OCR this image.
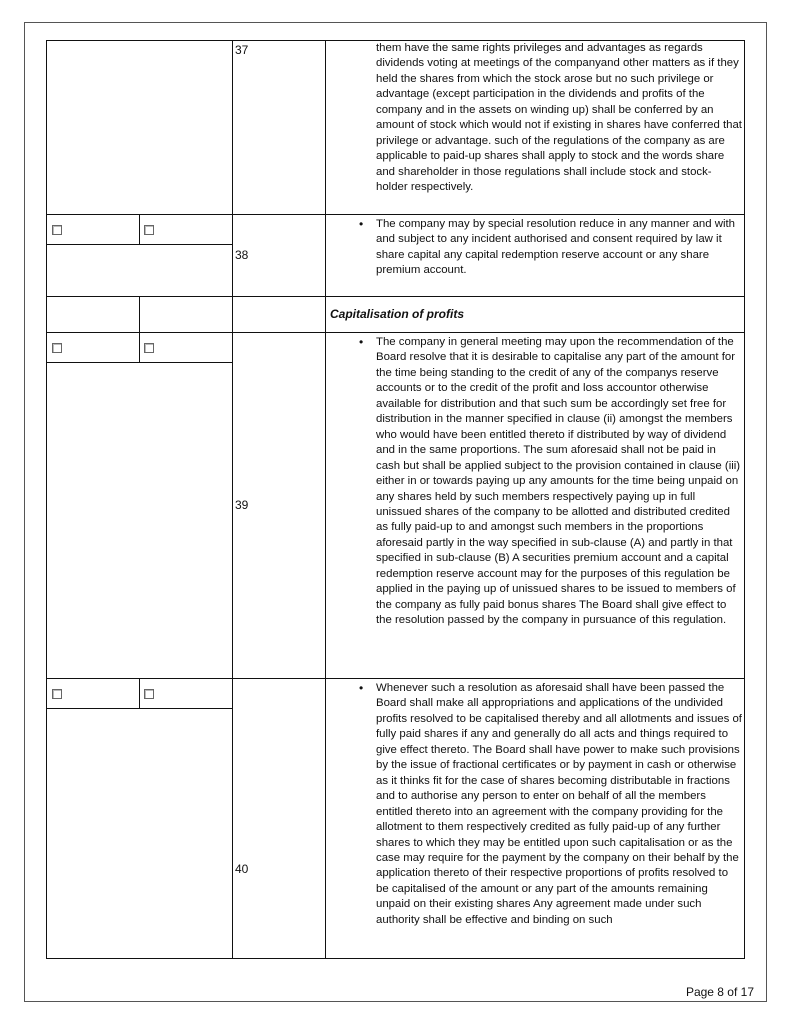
37	them have the same rights privileges and advantages as regards dividends voting at meetings of the companyand other matters as if they held the shares from which the stock arose but no such privilege or advantage (except participation in the dividends and profits of the company and in the assets on winding up) shall be conferred by an amount of stock which would not if existing in shares have conferred that privilege or advantage. such of the regulations of the company as are applicable to paid-up shares shall apply to stock and the words share and shareholder in those regulations shall include stock and stock-holder respectively.
38
• The company may by special resolution reduce in any manner and with and subject to any incident authorised and consent required by law it share capital any capital redemption reserve account or any share premium account.
Capitalisation of profits
39
• The company in general meeting may upon the recommendation of the Board resolve that it is desirable to capitalise any part of the amount for the time being standing to the credit of any of the companys reserve accounts or to the credit of the profit and loss accountor otherwise available for distribution and that such sum be accordingly set free for distribution in the manner specified in clause (ii) amongst the members who would have been entitled thereto if distributed by way of dividend and in the same proportions. The sum aforesaid shall not be paid in cash but shall be applied subject to the provision contained in clause (iii) either in or towards paying up any amounts for the time being unpaid on any shares held by such members respectively paying up in full unissued shares of the company to be allotted and distributed credited as fully paid-up to and amongst such members in the proportions aforesaid partly in the way specified in sub-clause (A) and partly in that specified in sub-clause (B) A securities premium account and a capital redemption reserve account may for the purposes of this regulation be applied in the paying up of unissued shares to be issued to members of the company as fully paid bonus shares The Board shall give effect to the resolution passed by the company in pursuance of this regulation.
40
• Whenever such a resolution as aforesaid shall have been passed the Board shall make all appropriations and applications of the undivided profits resolved to be capitalised thereby and all allotments and issues of fully paid shares if any and generally do all acts and things required to give effect thereto. The Board shall have power to make such provisions by the issue of fractional certificates or by payment in cash or otherwise as it thinks fit for the case of shares becoming distributable in fractions and to authorise any person to enter on behalf of all the members entitled thereto into an agreement with the company providing for the allotment to them respectively credited as fully paid-up of any further shares to which they may be entitled upon such capitalisation or as the case may require for the payment by the company on their behalf by the application thereto of their respective proportions of profits resolved to be capitalised of the amount or any part of the amounts remaining unpaid on their existing shares Any agreement made under such authority shall be effective and binding on such
Page 8 of 17
